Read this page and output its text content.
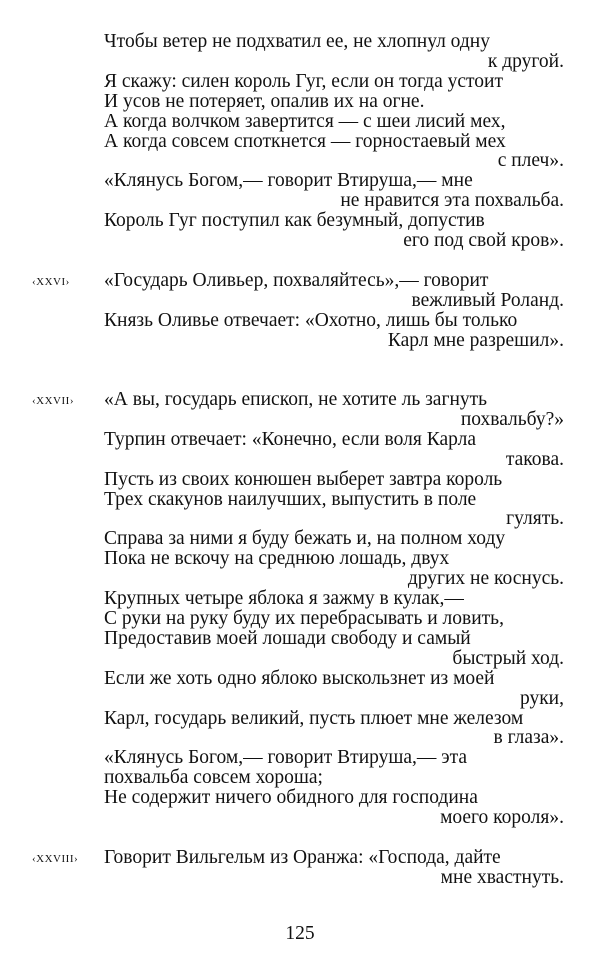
Чтобы ветер не подхватил ее, не хлопнул одну
к другой.
Я скажу: силен король Гуг, если он тогда устоит
И усов не потеряет, опалив их на огне.
А когда волчком завертится — с шеи лисий мех,
А когда совсем споткнется — горностаевый мех
с плеч».
«Клянусь Богом,— говорит Втируша,— мне
не нравится эта похвальба.
Король Гуг поступил как безумный, допустив
его под свой кров».
‹XXVI› «Государь Оливьер, похваляйтесь»,— говорит
вежливый Роланд.
Князь Оливье отвечает: «Охотно, лишь бы только
Карл мне разрешил».
‹XXVII› «А вы, государь епископ, не хотите ль загнуть
похвальбу?»
Турпин отвечает: «Конечно, если воля Карла
такова.
Пусть из своих конюшен выберет завтра король
Трех скакунов наилучших, выпустить в поле
гулять.
Справа за ними я буду бежать и, на полном ходу
Пока не вскочу на среднюю лошадь, двух
других не коснусь.
Крупных четыре яблока я зажму в кулак,—
С руки на руку буду их перебрасывать и ловить,
Предоставив моей лошади свободу и самый
быстрый ход.
Если же хоть одно яблоко выскользнет из моей
руки,
Карл, государь великий, пусть плюет мне железом
в глаза».
«Клянусь Богом,— говорит Втируша,— эта
похвальба совсем хороша;
Не содержит ничего обидного для господина
моего короля».
‹XXVIII› Говорит Вильгельм из Оранжа: «Господа, дайте
мне хвастнуть.
125
